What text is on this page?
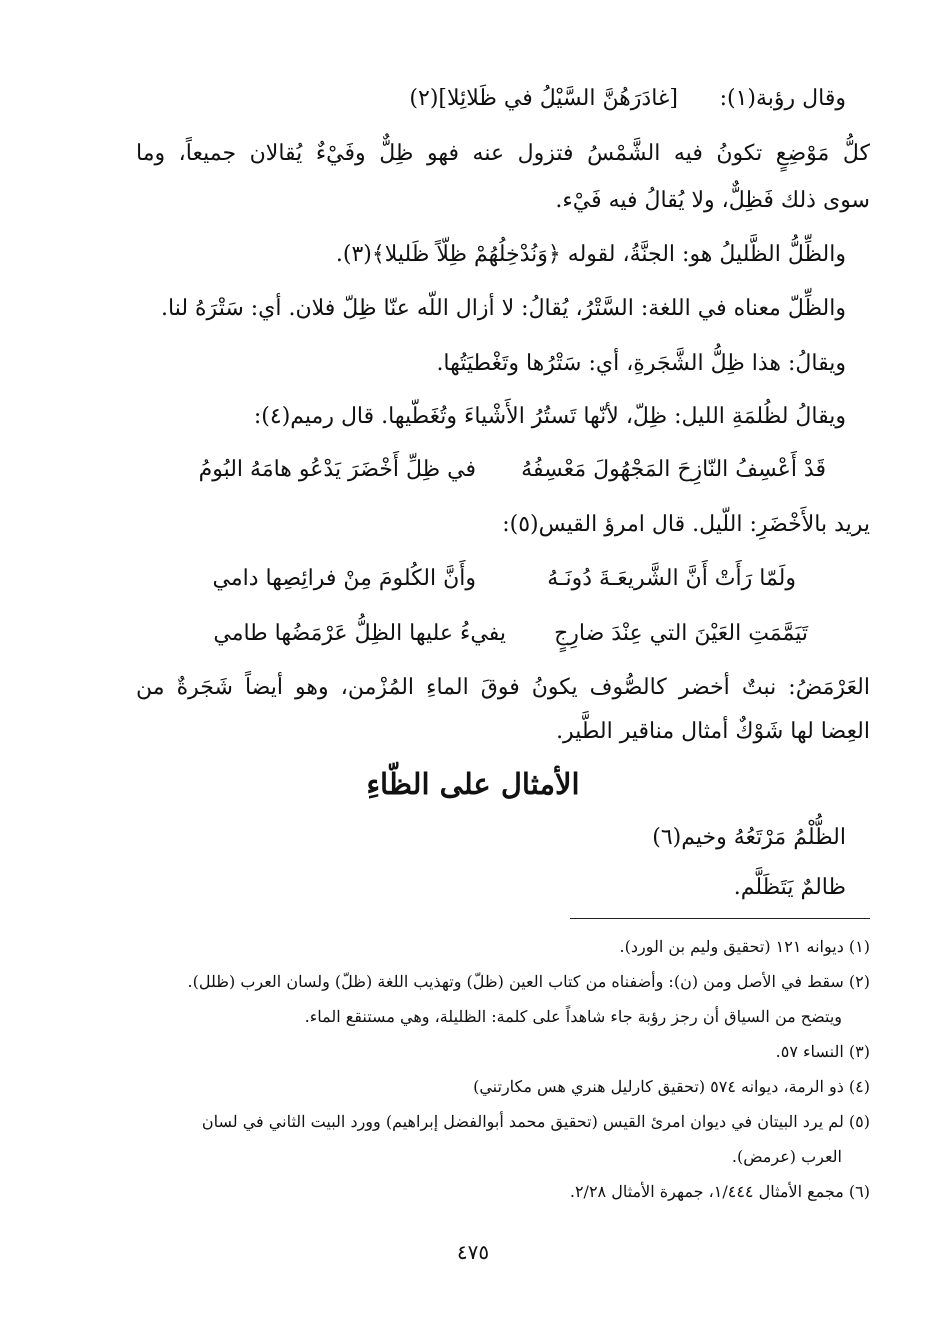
وقال رؤبة(١):
[غادَرَهُنَّ السَّيْلُ في ظَلائِلا](٢)
كلُّ مَوْضِعٍ تكونُ فيه الشَّمْسُ فتزول عنه فهو ظِلٌّ وفَيْءٌ يُقالان جميعاً، وما
سوى ذلك فَظِلٌّ، ولا يُقالُ فيه فَيْء.
والظِّلُّ الظَّليلُ هو: الجنَّةُ، لقوله ﴿وَنُدْخِلُهُمْ ظِلّاً ظَليلا﴾(٣).
والظِّلّ معناه في اللغة: السَّتْرُ، يُقالُ: لا أزال اللّه عنّا ظِلّ فلان. أي: سَتْرَهُ لنا.
ويقالُ: هذا ظِلُّ الشَّجَرةِ، أي: سَتْرُها وتَغْطيَتُها.
ويقالُ لظُلمَةِ الليل: ظِلّ، لأنّها تَستُرُ الأَشْياءَ وتُغَطّيها. قال رميم(٤):
قَدْ أَعْسِفُ النّازِحَ المَجْهُولَ مَعْسِفُهُ
في ظِلِّ أَخْضَرَ يَدْعُو هامَهُ البُومُ
يريد بالأَخْضَرِ: اللّيل. قال امرؤ القيس(٥):
ولَمّا رَأَتْ أَنَّ الشَّريعَـةَ دُونَـهُ
وأَنَّ الكُلومَ مِنْ فرائِصِها دامي
تَيَمَّمَتِ العَيْنَ التي عِنْدَ ضارِجٍ
يفيءُ عليها الظِلُّ عَرْمَضُها طامي
العَرْمَضُ: نبتٌ أخضر كالصُّوف يكونُ فوقَ الماءِ المُزْمن، وهو أيضاً شَجَرةٌ من
العِضا لها شَوْكٌ أمثال مناقير الطَّير.
الأمثال على الظّاءِ
الظُّلْمُ مَرْتَعُهُ وخيم(٦)
ظالمٌ يَتَظَلَّم.
(١) ديوانه ١٢١ (تحقيق وليم بن الورد).
(٢) سقط في الأصل ومن (ن): وأضفناه من كتاب العين (ظلّ) وتهذيب اللغة (ظلّ) ولسان العرب (ظلل).
ويتضح من السياق أن رجز رؤبة جاء شاهداً على كلمة: الظليلة، وهي مستنقع الماء.
(٣) النساء ٥٧.
(٤) ذو الرمة، ديوانه ٥٧٤ (تحقيق كارليل هنري هس مكارتني)
(٥) لم يرد البيتان في ديوان امرئ القيس (تحقيق محمد أبوالفضل إبراهيم) وورد البيت الثاني في لسان
العرب (عرمض).
(٦) مجمع الأمثال ١/٤٤٤، جمهرة الأمثال ٢/٢٨.
٤٧٥
